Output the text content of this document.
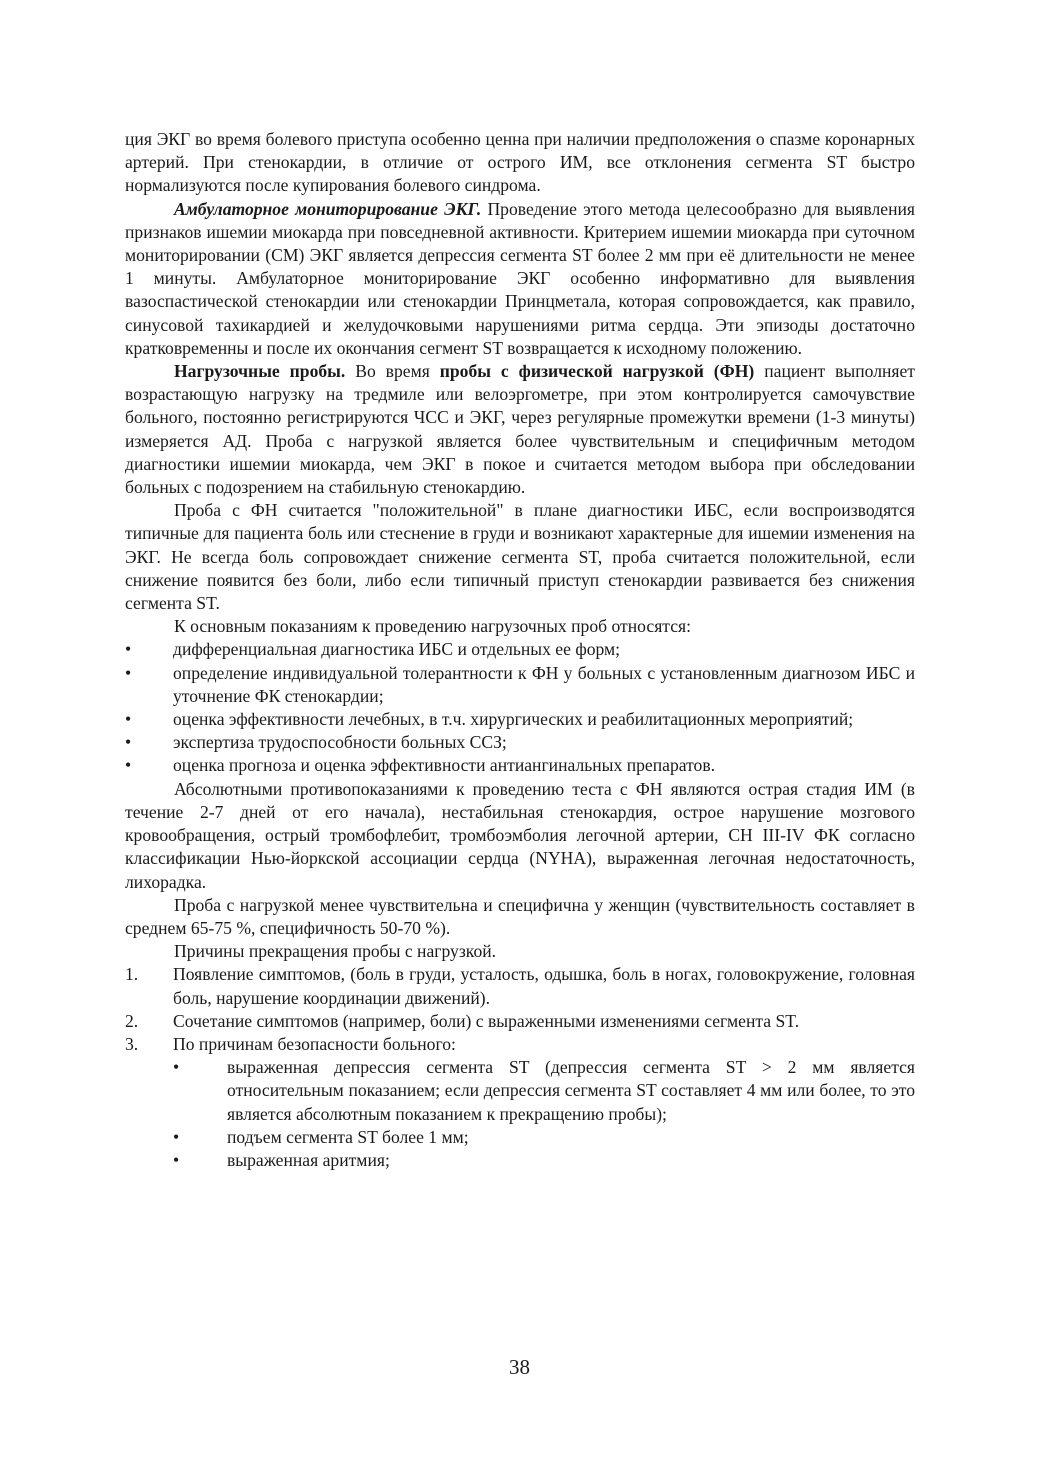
ция ЭКГ во время болевого приступа особенно ценна при наличии предположения о спазме коронарных артерий. При стенокардии, в отличие от острого ИМ, все отклонения сегмента ST быстро нормализуются после купирования болевого синдрома.

Амбулаторное мониторирование ЭКГ. Проведение этого метода целесообразно для выявления признаков ишемии миокарда при повседневной активности. Критерием ишемии миокарда при суточном мониторировании (СМ) ЭКГ является депрессия сегмента ST более 2 мм при её длительности не менее 1 минуты. Амбулаторное мониторирование ЭКГ особенно информативно для выявления вазоспастической стенокардии или стенокардии Принцметала, которая сопровождается, как правило, синусовой тахикардией и желудочковыми нарушениями ритма сердца. Эти эпизоды достаточно кратковременны и после их окончания сегмент ST возвращается к исходному положению.

Нагрузочные пробы. Во время пробы с физической нагрузкой (ФН) пациент выполняет возрастающую нагрузку на тредмиле или велоэргометре, при этом контролируется самочувствие больного, постоянно регистрируются ЧСС и ЭКГ, через регулярные промежутки времени (1-3 минуты) измеряется АД. Проба с нагрузкой является более чувствительным и специфичным методом диагностики ишемии миокарда, чем ЭКГ в покое и считается методом выбора при обследовании больных с подозрением на стабильную стенокардию.

Проба с ФН считается "положительной" в плане диагностики ИБС, если воспроизводятся типичные для пациента боль или стеснение в груди и возникают характерные для ишемии изменения на ЭКГ. Не всегда боль сопровождает снижение сегмента ST, проба считается положительной, если снижение появится без боли, либо если типичный приступ стенокардии развивается без снижения сегмента ST.

К основным показаниям к проведению нагрузочных проб относятся:

• дифференциальная диагностика ИБС и отдельных ее форм;
• определение индивидуальной толерантности к ФН у больных с установленным диагнозом ИБС и уточнение ФК стенокардии;
• оценка эффективности лечебных, в т.ч. хирургических и реабилитационных мероприятий;
• экспертиза трудоспособности больных ССЗ;
• оценка прогноза и оценка эффективности антиангинальных препаратов.

Абсолютными противопоказаниями к проведению теста с ФН являются острая стадия ИМ (в течение 2-7 дней от его начала), нестабильная стенокардия, острое нарушение мозгового кровообращения, острый тромбофлебит, тромбоэмболия легочной артерии, СН III-IV ФК согласно классификации Нью-йоркской ассоциации сердца (NYHA), выраженная легочная недостаточность, лихорадка.

Проба с нагрузкой менее чувствительна и специфична у женщин (чувствительность составляет в среднем 65-75 %, специфичность 50-70 %).

Причины прекращения пробы с нагрузкой.

1. Появление симптомов, (боль в груди, усталость, одышка, боль в ногах, головокружение, головная боль, нарушение координации движений).
2. Сочетание симптомов (например, боли) с выраженными изменениями сегмента ST.
3. По причинам безопасности больного:
•	выраженная депрессия сегмента ST (депрессия сегмента ST > 2 мм является относительным показанием; если депрессия сегмента ST составляет 4 мм или более, то это является абсолютным показанием к прекращению пробы);
•	подъем сегмента ST более 1 мм;
•	выраженная аритмия;
38
